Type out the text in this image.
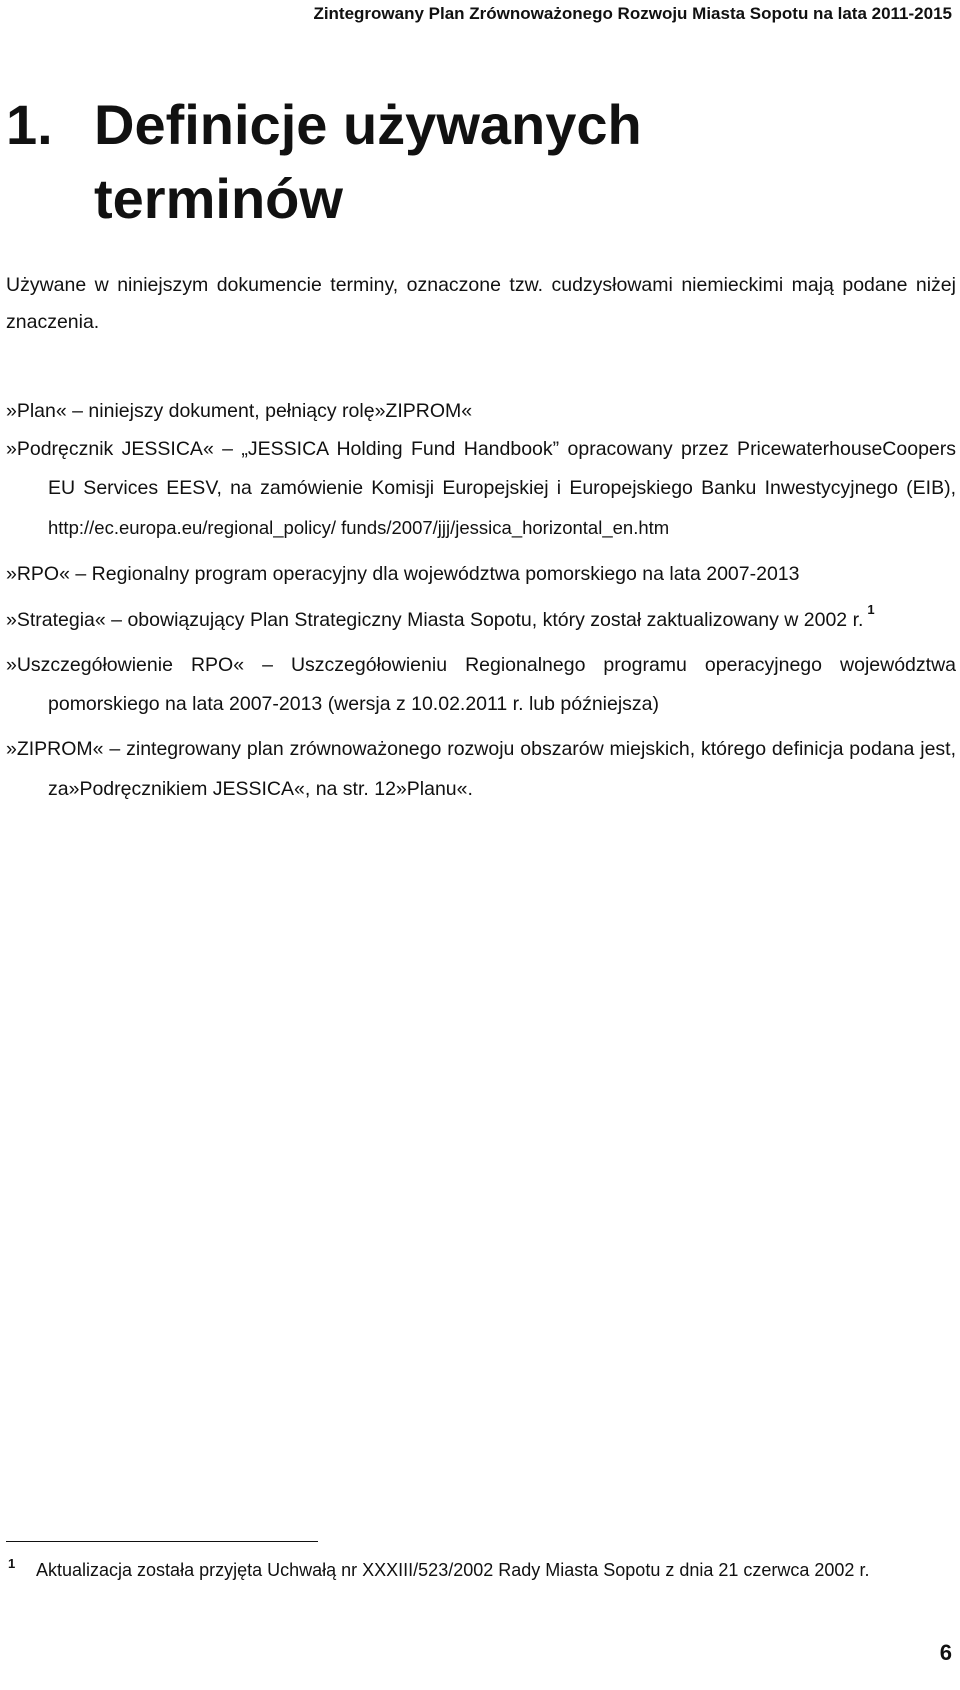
Zintegrowany Plan Zrównoważonego Rozwoju Miasta Sopotu na lata 2011-2015
1. Definicje używanych
terminów

Używane w niniejszym dokumencie terminy, oznaczone tzw. cudzysłowami niemieckimi mają podane niżej znaczenia.

»Plan« – niniejszy dokument, pełniący rolę»ZIPROM«
»Podręcznik JESSICA« – „JESSICA Holding Fund Handbook” opracowany przez PricewaterhouseCoopers EU Services EESV, na zamówienie Komisji Europejskiej i Europejskiego Banku Inwestycyjnego (EIB), http://ec.europa.eu/regional_policy/ funds/2007/jjj/jessica_horizontal_en.htm
»RPO« – Regionalny program operacyjny dla województwa pomorskiego na lata 2007-2013
»Strategia« – obowiązujący Plan Strategiczny Miasta Sopotu, który został zaktualizowany w 2002 r. $^1$
»Uszczegółowienie RPO« – Uszczegółowieniu Regionalnego programu operacyjnego województwa pomorskiego na lata 2007-2013 (wersja z 10.02.2011 r. lub późniejsza)
»ZIPROM« – zintegrowany plan zrównoważonego rozwoju obszarów miejskich, którego definicja podana jest, za»Podręcznikiem JESSICA«, na str. 12»Planu«.
1 Aktualizacja została przyjęta Uchwałą nr XXXIII/523/2002 Rady Miasta Sopotu z dnia 21 czerwca 2002 r.
6
